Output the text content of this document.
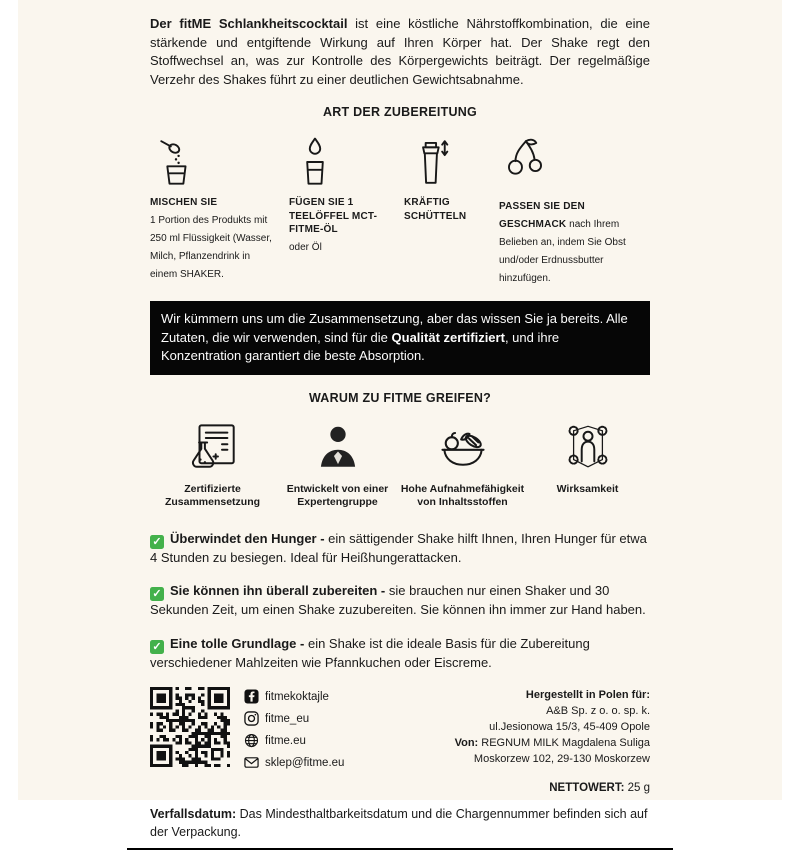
Der fitME Schlankheitscocktail ist eine köstliche Nährstoffkombination, die eine stärkende und entgiftende Wirkung auf Ihren Körper hat. Der Shake regt den Stoffwechsel an, was zur Kontrolle des Körpergewichts beiträgt. Der regelmäßige Verzehr des Shakes führt zu einer deutlichen Gewichtsabnahme.

ART DER ZUBEREITUNG
MISCHEN SIE
1 Portion des Produkts mit 250 ml Flüssigkeit (Wasser, Milch, Pflanzendrink in einem SHAKER.
FÜGEN SIE 1 TEELÖFFEL MCT-FITME-ÖL
oder Öl
KRÄFTIG SCHÜTTELN
PASSEN SIE DEN GESCHMACK nach Ihrem Belieben an, indem Sie Obst und/oder Erdnussbutter hinzufügen.
Wir kümmern uns um die Zusammensetzung, aber das wissen Sie ja bereits. Alle Zutaten, die wir verwenden, sind für die Qualität zertifiziert, und ihre Konzentration garantiert die beste Absorption.
WARUM ZU FITME GREIFEN?
Zertifizierte Zusammensetzung
Entwickelt von einer Expertengruppe
Hohe Aufnahmefähigkeit von Inhaltsstoffen
Wirksamkeit

✓ Überwindet den Hunger - ein sättigender Shake hilft Ihnen, Ihren Hunger für etwa 4 Stunden zu besiegen. Ideal für Heißhungerattacken.

✓ Sie können ihn überall zubereiten - sie brauchen nur einen Shaker und 30 Sekunden Zeit, um einen Shake zuzubereiten. Sie können ihn immer zur Hand haben.

✓ Eine tolle Grundlage - ein Shake ist die ideale Basis für die Zubereitung verschiedener Mahlzeiten wie Pfannkuchen oder Eiscreme.

fitmekoktajle
fitme_eu
fitme.eu
sklep@fitme.eu
Hergestellt in Polen für:
A&B Sp. z o. o. sp. k.
ul.Jesionowa 15/3, 45-409 Opole
Von: REGNUM MILK Magdalena Suliga
Moskorzew 102, 29-130 Moskorzew
NETTOWERT: 25 g

Verfallsdatum: Das Mindesthaltbarkeitsdatum und die Chargennummer befinden sich auf der Verpackung.
